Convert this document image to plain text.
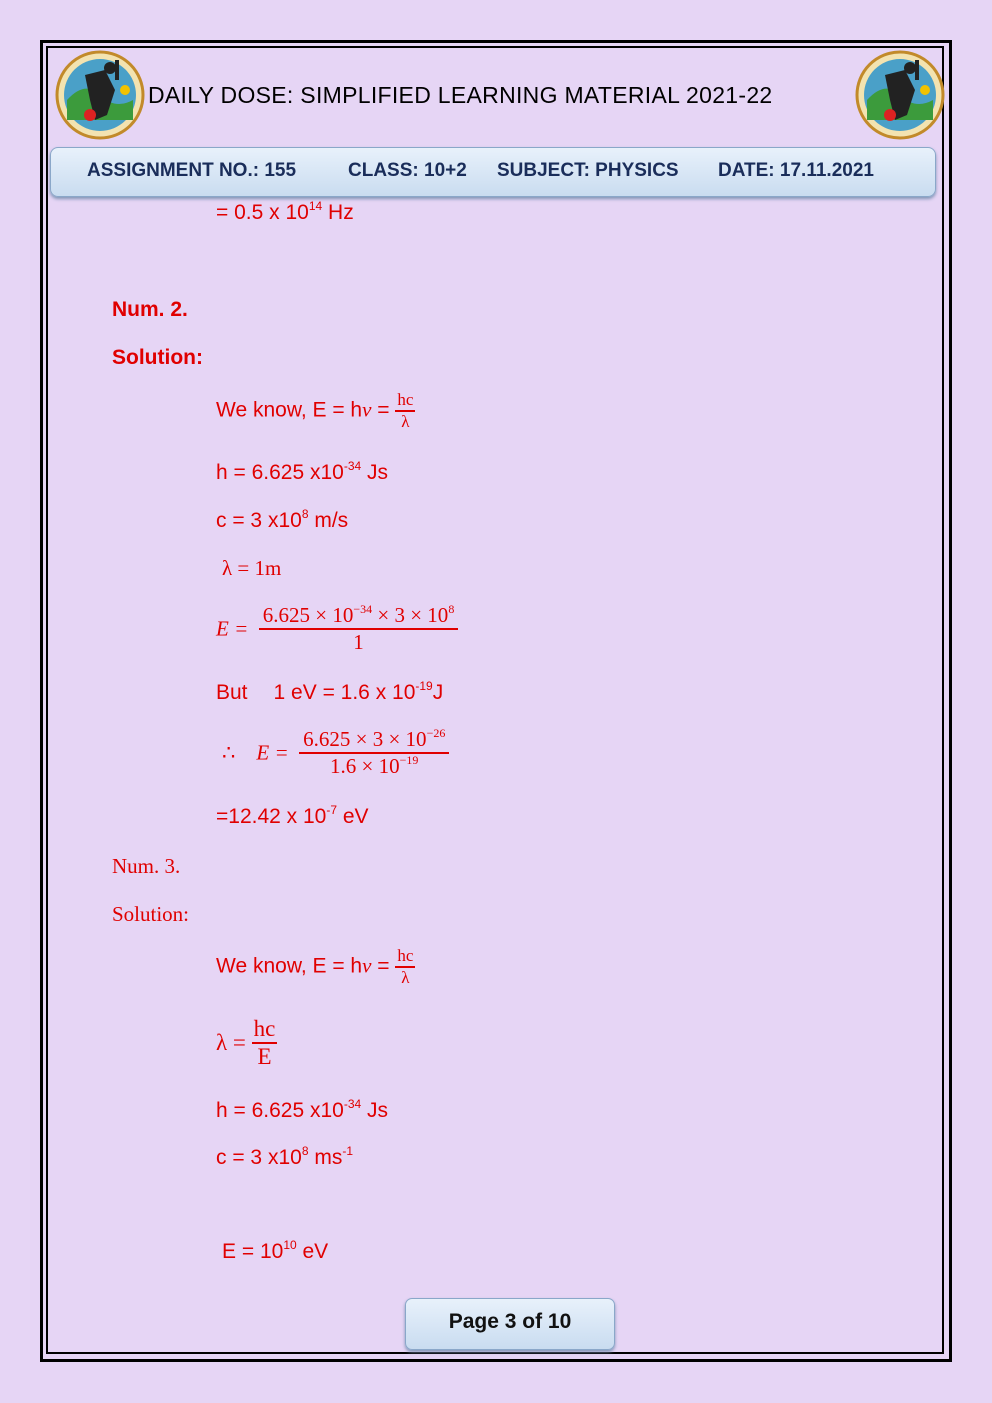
DAILY DOSE: SIMPLIFIED LEARNING MATERIAL 2021-22
ASSIGNMENT NO.: 155	CLASS: 10+2 SUBJECT: PHYSICS DATE: 17.11.2021
= 0.5 x $10^{14}$ Hz
Num. 2.
Solution:
We know, $E = h\nu = \frac{hc}{\lambda}$
h = 6.625 $x10^{-34}$ Js
c = 3 $x10^8$ m/s
λ = 1m
$E = \frac{6.625 \times 10^{-34} \times 3 \times 10^8}{1}$
But 1 eV = 1.6 x $10^{-19}J$
∴ $E = \frac{6.625 \times 3 \times 10^{-26}}{1.6 \times 10^{-19}}$
=12.42 x $10^{-7}$ eV
Num. 3.
Solution:
We know, $E = h\nu = \frac{hc}{\lambda}$
$\lambda = \frac{hc}{E}$
h = 6.625 $x10^{-34}$ Js
c = 3 $x10^8$ $ms^{-1}$
$E = 10^{10}$ eV
Page 3 of 10
